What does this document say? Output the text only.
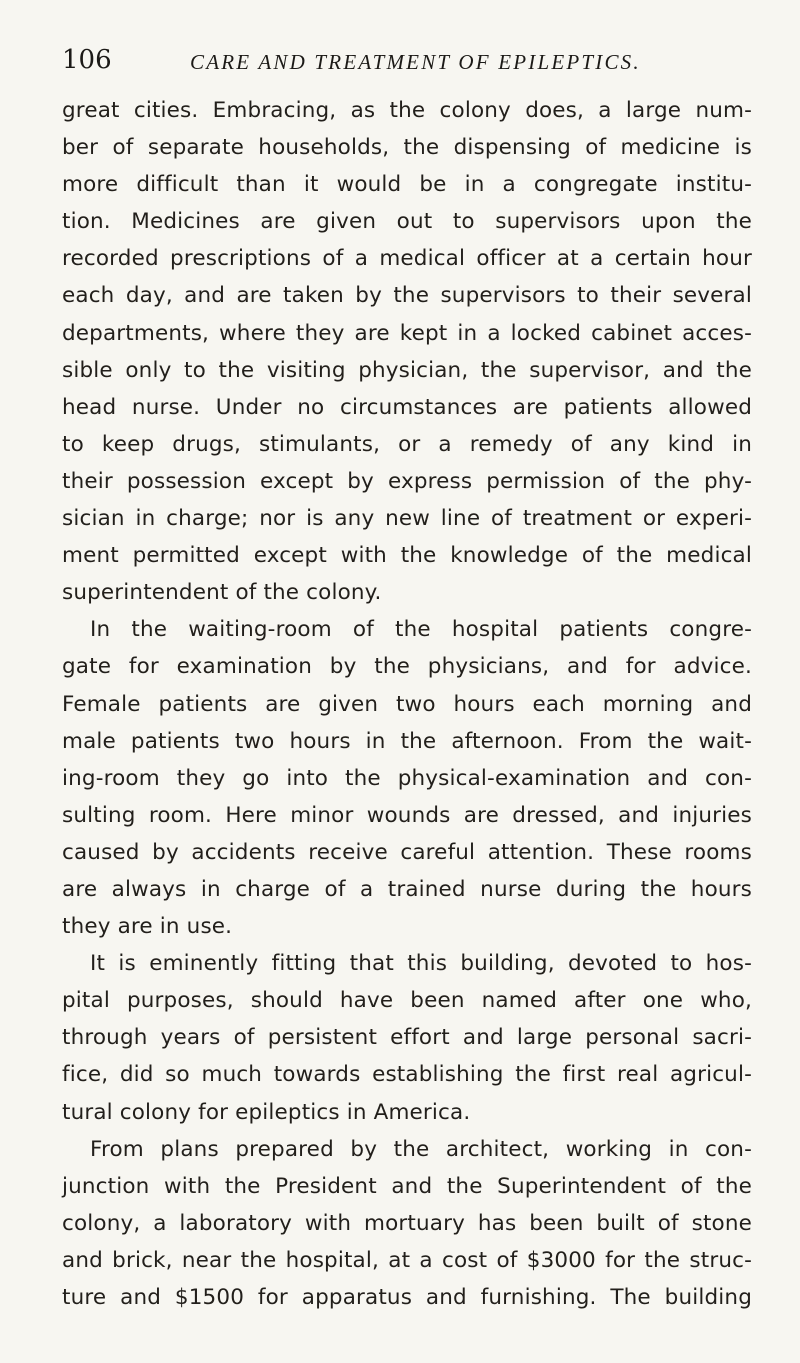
106	CARE AND TREATMENT OF EPILEPTICS.
great cities. Embracing, as the colony does, a large num-
ber of separate households, the dispensing of medicine is
more difficult than it would be in a congregate institu-
tion. Medicines are given out to supervisors upon the
recorded prescriptions of a medical officer at a certain hour
each day, and are taken by the supervisors to their several
departments, where they are kept in a locked cabinet acces-
sible only to the visiting physician, the supervisor, and the
head nurse. Under no circumstances are patients allowed
to keep drugs, stimulants, or a remedy of any kind in
their possession except by express permission of the phy-
sician in charge; nor is any new line of treatment or experi-
ment permitted except with the knowledge of the medical
superintendent of the colony.
In the waiting-room of the hospital patients congre-
gate for examination by the physicians, and for advice.
Female patients are given two hours each morning and
male patients two hours in the afternoon. From the wait-
ing-room they go into the physical-examination and con-
sulting room. Here minor wounds are dressed, and injuries
caused by accidents receive careful attention. These rooms
are always in charge of a trained nurse during the hours
they are in use.
It is eminently fitting that this building, devoted to hos-
pital purposes, should have been named after one who,
through years of persistent effort and large personal sacri-
fice, did so much towards establishing the first real agricul-
tural colony for epileptics in America.
From plans prepared by the architect, working in con-
junction with the President and the Superintendent of the
colony, a laboratory with mortuary has been built of stone
and brick, near the hospital, at a cost of $3000 for the struc-
ture and $1500 for apparatus and furnishing. The building
